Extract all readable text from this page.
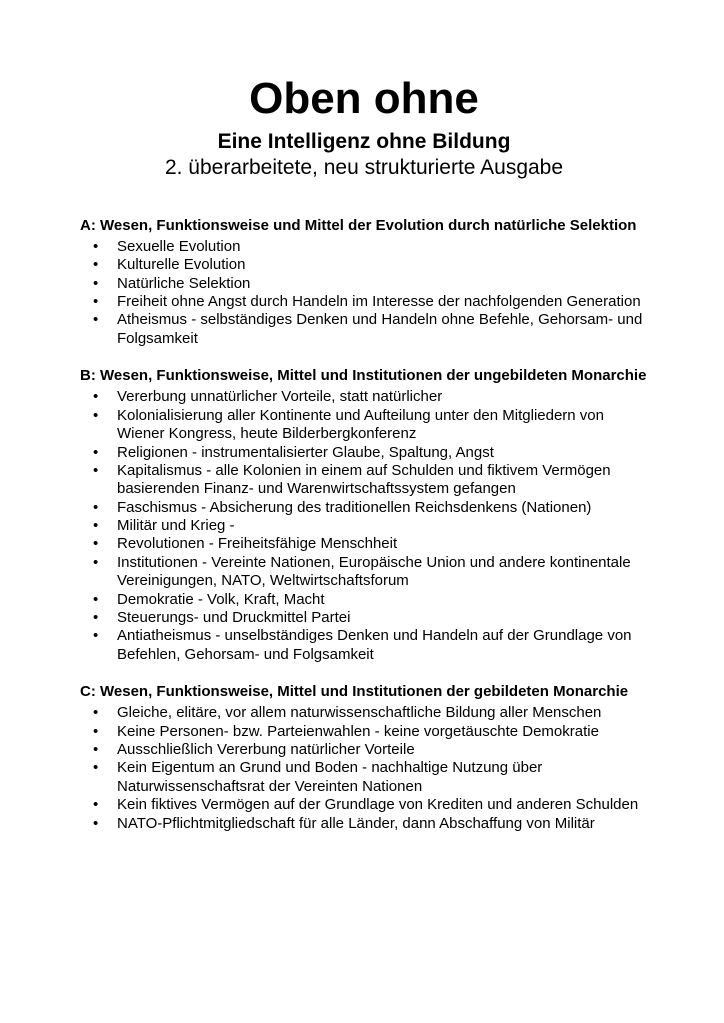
Oben ohne
Eine Intelligenz ohne Bildung
2. überarbeitete, neu strukturierte Ausgabe

A: Wesen, Funktionsweise und Mittel der Evolution durch natürliche Selektion

• Sexuelle Evolution
• Kulturelle Evolution
• Natürliche Selektion
• Freiheit ohne Angst durch Handeln im Interesse der nachfolgenden Generation
• Atheismus - selbständiges Denken und Handeln ohne Befehle, Gehorsam- und Folgsamkeit

B: Wesen, Funktionsweise, Mittel und Institutionen der ungebildeten Monarchie

• Vererbung unnatürlicher Vorteile, statt natürlicher
• Kolonialisierung aller Kontinente und Aufteilung unter den Mitgliedern von Wiener Kongress, heute Bilderbergkonferenz
• Religionen - instrumentalisierter Glaube, Spaltung, Angst
• Kapitalismus - alle Kolonien in einem auf Schulden und fiktivem Vermögen basierenden Finanz- und Warenwirtschaftssystem gefangen
• Faschismus - Absicherung des traditionellen Reichsdenkens (Nationen)
• Militär und Krieg -
• Revolutionen - Freiheitsfähige Menschheit
• Institutionen - Vereinte Nationen, Europäische Union und andere kontinentale Vereinigungen, NATO, Weltwirtschaftsforum
• Demokratie - Volk, Kraft, Macht
• Steuerungs- und Druckmittel Partei
• Antiatheismus - unselbständiges Denken und Handeln auf der Grundlage von Befehlen, Gehorsam- und Folgsamkeit

C: Wesen, Funktionsweise, Mittel und Institutionen der gebildeten Monarchie

• Gleiche, elitäre, vor allem naturwissenschaftliche Bildung aller Menschen
• Keine Personen- bzw. Parteienwahlen - keine vorgetäuschte Demokratie
• Ausschließlich Vererbung natürlicher Vorteile
• Kein Eigentum an Grund und Boden - nachhaltige Nutzung über Naturwissenschaftsrat der Vereinten Nationen
• Kein fiktives Vermögen auf der Grundlage von Krediten und anderen Schulden
• NATO-Pflichtmitgliedschaft für alle Länder, dann Abschaffung von Militär
